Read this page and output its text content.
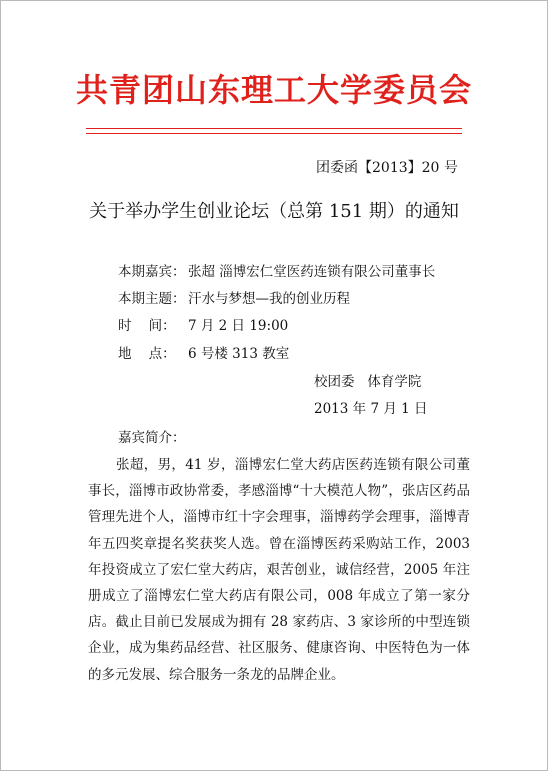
共青团山东理工大学委员会
团委函【2013】20 号
关于举办学生创业论坛（总第 151 期）的通知
本期嘉宾： 张超 淄博宏仁堂医药连锁有限公司董事长
本期主题： 汗水与梦想—我的创业历程
时    间： 7 月 2 日 19:00
地    点： 6 号楼 313 教室
校团委   体育学院
2013 年 7 月 1 日
嘉宾简介：
张超，男，41 岁，淄博宏仁堂大药店医药连锁有限公司董事长，淄博市政协常委，孝感淄博“十大模范人物”，张店区药品管理先进个人，淄博市红十字会理事，淄博药学会理事，淄博青年五四奖章提名奖获奖人选。曾在淄博医药采购站工作，2003 年投资成立了宏仁堂大药店，艰苦创业，诚信经营，2005 年注册成立了淄博宏仁堂大药店有限公司，008 年成立了第一家分店。截止目前已发展成为拥有 28 家药店、3 家诊所的中型连锁企业，成为集药品经营、社区服务、健康咨询、中医特色为一体的多元发展、综合服务一条龙的品牌企业。
